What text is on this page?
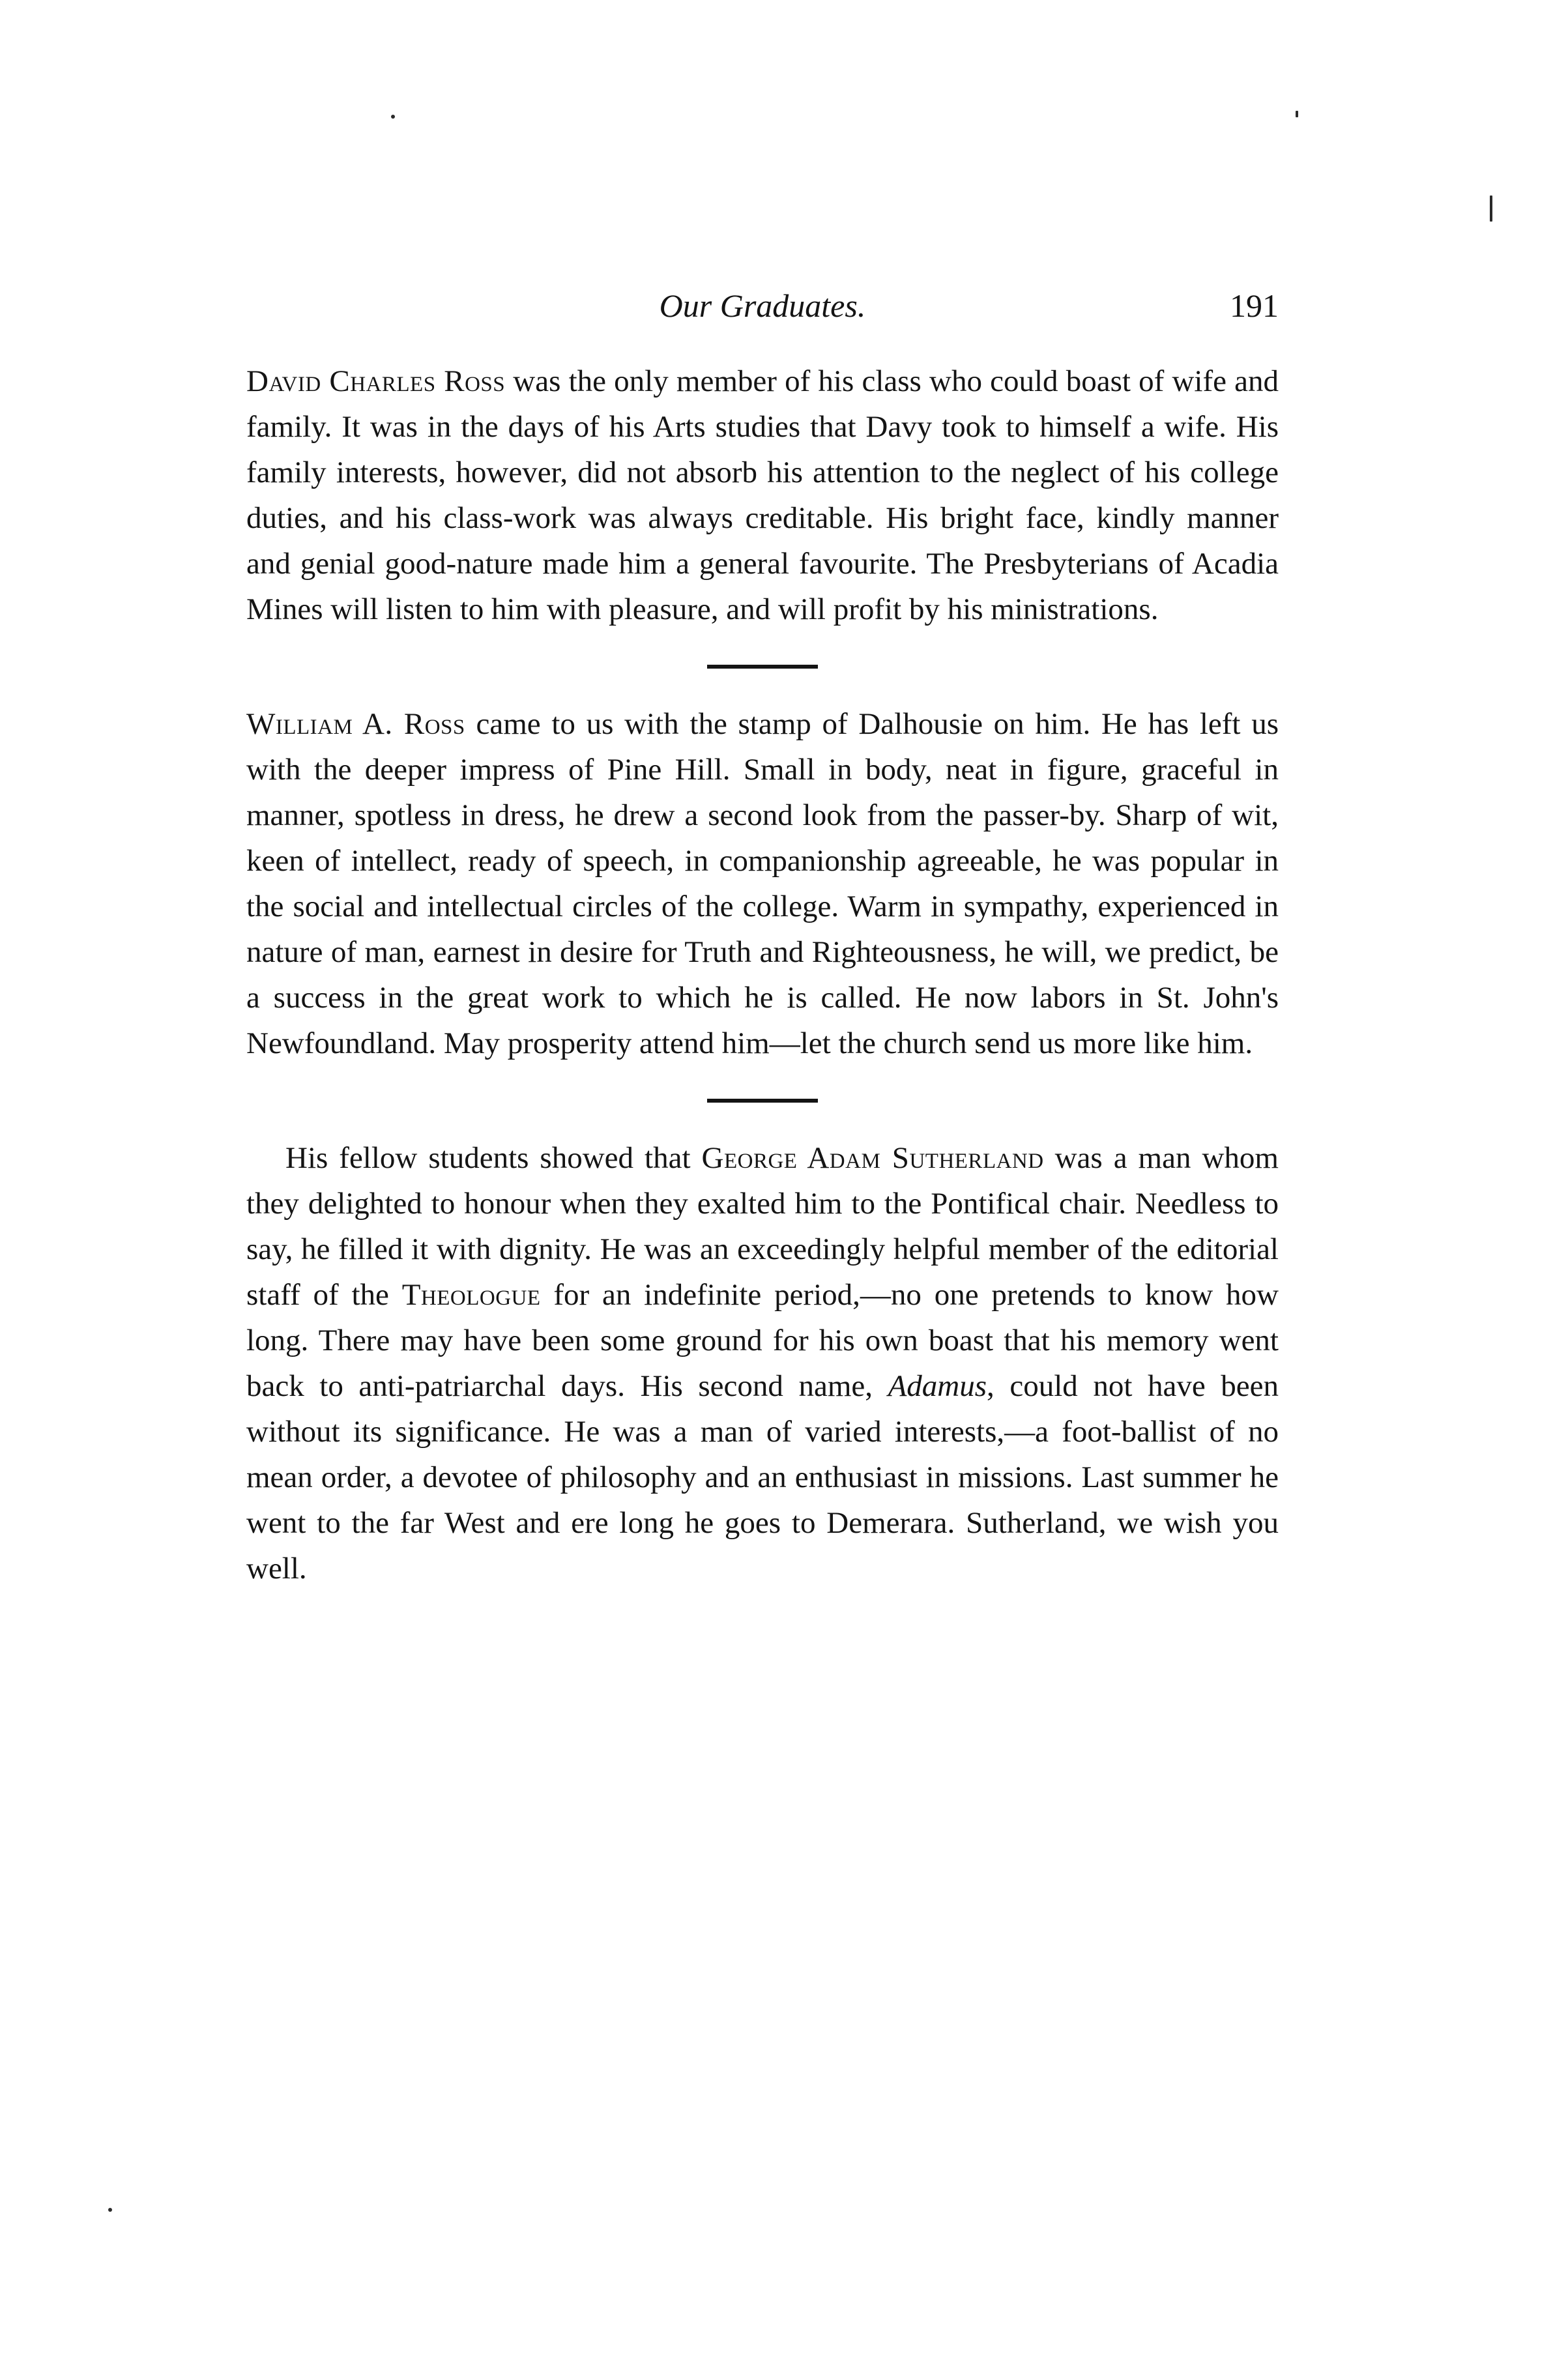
Our Graduates.	191

David Charles Ross was the only member of his class who could boast of wife and family. It was in the days of his Arts studies that Davy took to himself a wife. His family interests, however, did not absorb his attention to the neglect of his college duties, and his class-work was always creditable. His bright face, kindly manner and genial good-nature made him a general favourite. The Presbyterians of Acadia Mines will listen to him with pleasure, and will profit by his ministrations.

William A. Ross came to us with the stamp of Dalhousie on him. He has left us with the deeper impress of Pine Hill. Small in body, neat in figure, graceful in manner, spotless in dress, he drew a second look from the passer-by. Sharp of wit, keen of intellect, ready of speech, in companionship agreeable, he was popular in the social and intellectual circles of the college. Warm in sympathy, experienced in nature of man, earnest in desire for Truth and Righteousness, he will, we predict, be a success in the great work to which he is called. He now labors in St. John's Newfoundland. May prosperity attend him—let the church send us more like him.

His fellow students showed that George Adam Sutherland was a man whom they delighted to honour when they exalted him to the Pontifical chair. Needless to say, he filled it with dignity. He was an exceedingly helpful member of the editorial staff of the Theologue for an indefinite period,—no one pretends to know how long. There may have been some ground for his own boast that his memory went back to anti-patriarchal days. His second name, Adamus, could not have been without its significance. He was a man of varied interests,—a foot-ballist of no mean order, a devotee of philosophy and an enthusiast in missions. Last summer he went to the far West and ere long he goes to Demerara. Sutherland, we wish you well.
